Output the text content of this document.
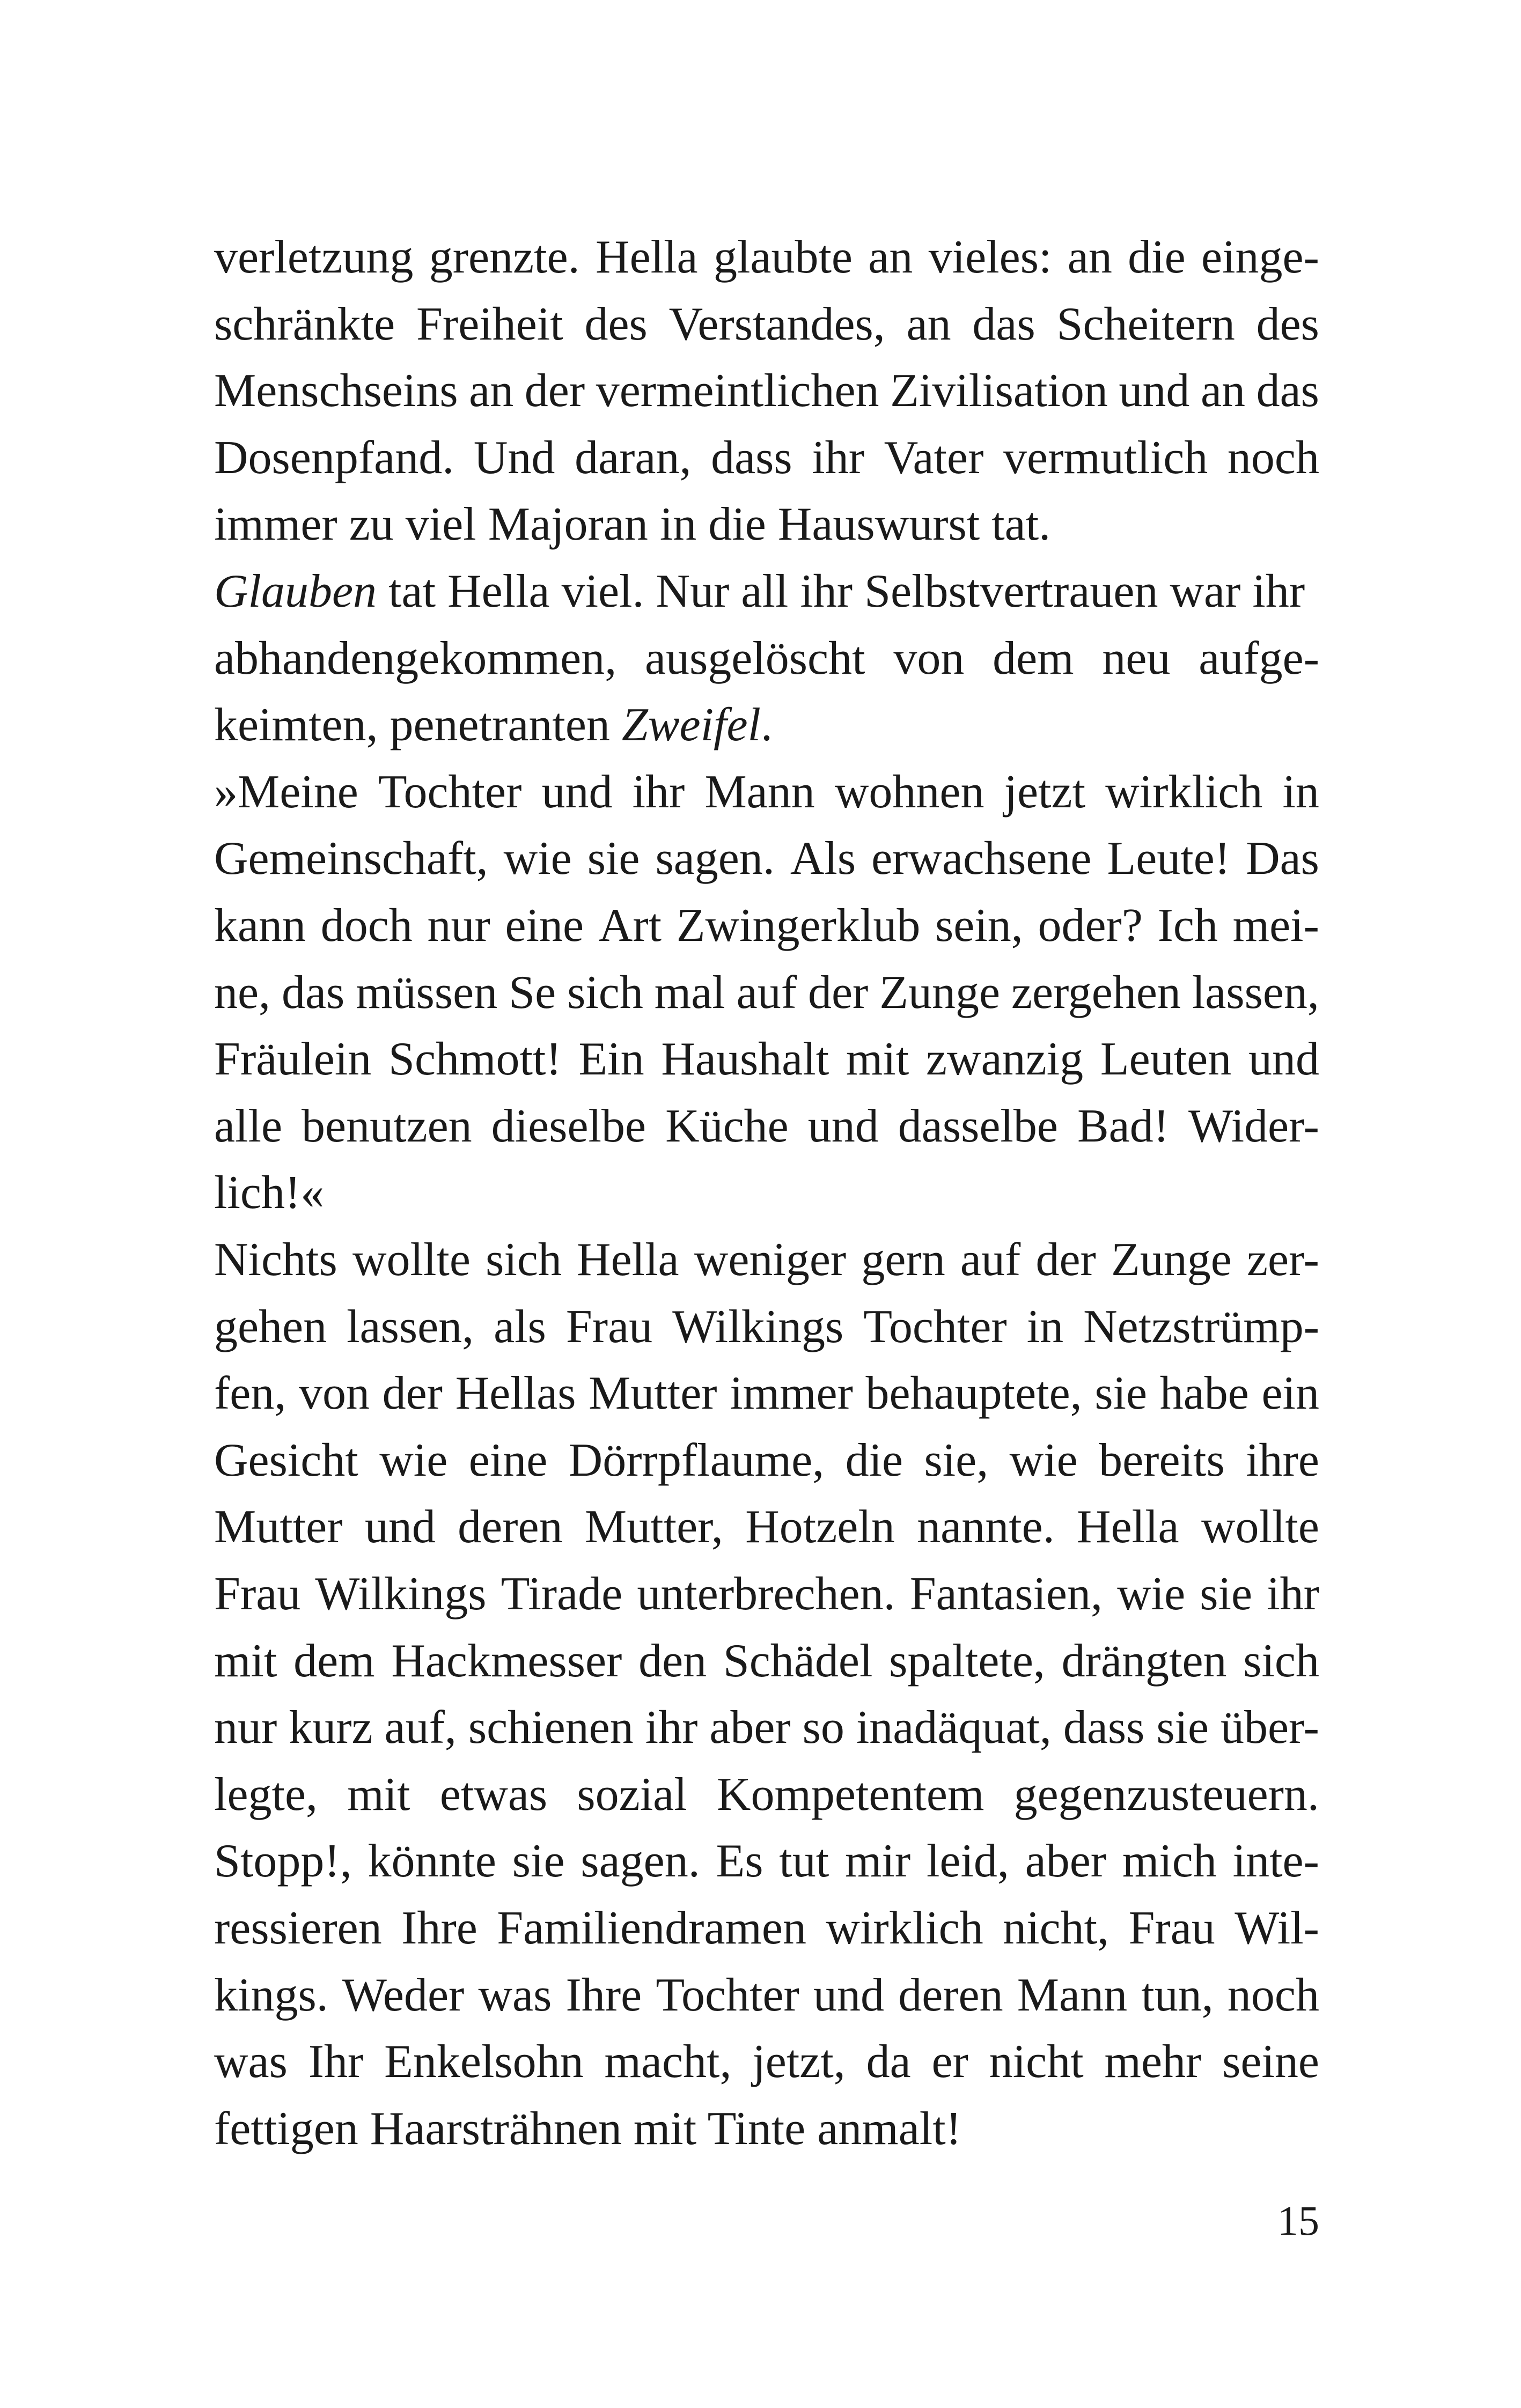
verletzung grenzte. Hella glaubte an vieles: an die einge-
schränkte Freiheit des Verstandes, an das Scheitern des
Menschseins an der vermeintlichen Zivilisation und an das
Dosenpfand. Und daran, dass ihr Vater vermutlich noch
immer zu viel Majoran in die Hauswurst tat.
Glauben tat Hella viel. Nur all ihr Selbstvertrauen war ihr
abhandengekommen, ausgelöscht von dem neu aufge-
keimten, penetranten Zweifel.
»Meine Tochter und ihr Mann wohnen jetzt wirklich in
Gemeinschaft, wie sie sagen. Als erwachsene Leute! Das
kann doch nur eine Art Zwingerklub sein, oder? Ich mei-
ne, das müssen Se sich mal auf der Zunge zergehen lassen,
Fräulein Schmott! Ein Haushalt mit zwanzig Leuten und
alle benutzen dieselbe Küche und dasselbe Bad! Wider-
lich!«
Nichts wollte sich Hella weniger gern auf der Zunge zer-
gehen lassen, als Frau Wilkings Tochter in Netzstrümp-
fen, von der Hellas Mutter immer behauptete, sie habe ein
Gesicht wie eine Dörrpflaume, die sie, wie bereits ihre
Mutter und deren Mutter, Hotzeln nannte. Hella wollte
Frau Wilkings Tirade unterbrechen. Fantasien, wie sie ihr
mit dem Hackmesser den Schädel spaltete, drängten sich
nur kurz auf, schienen ihr aber so inadäquat, dass sie über-
legte, mit etwas sozial Kompetentem gegenzusteuern.
Stopp!, könnte sie sagen. Es tut mir leid, aber mich inte-
ressieren Ihre Familiendramen wirklich nicht, Frau Wil-
kings. Weder was Ihre Tochter und deren Mann tun, noch
was Ihr Enkelsohn macht, jetzt, da er nicht mehr seine
fettigen Haarsträhnen mit Tinte anmalt!
15
